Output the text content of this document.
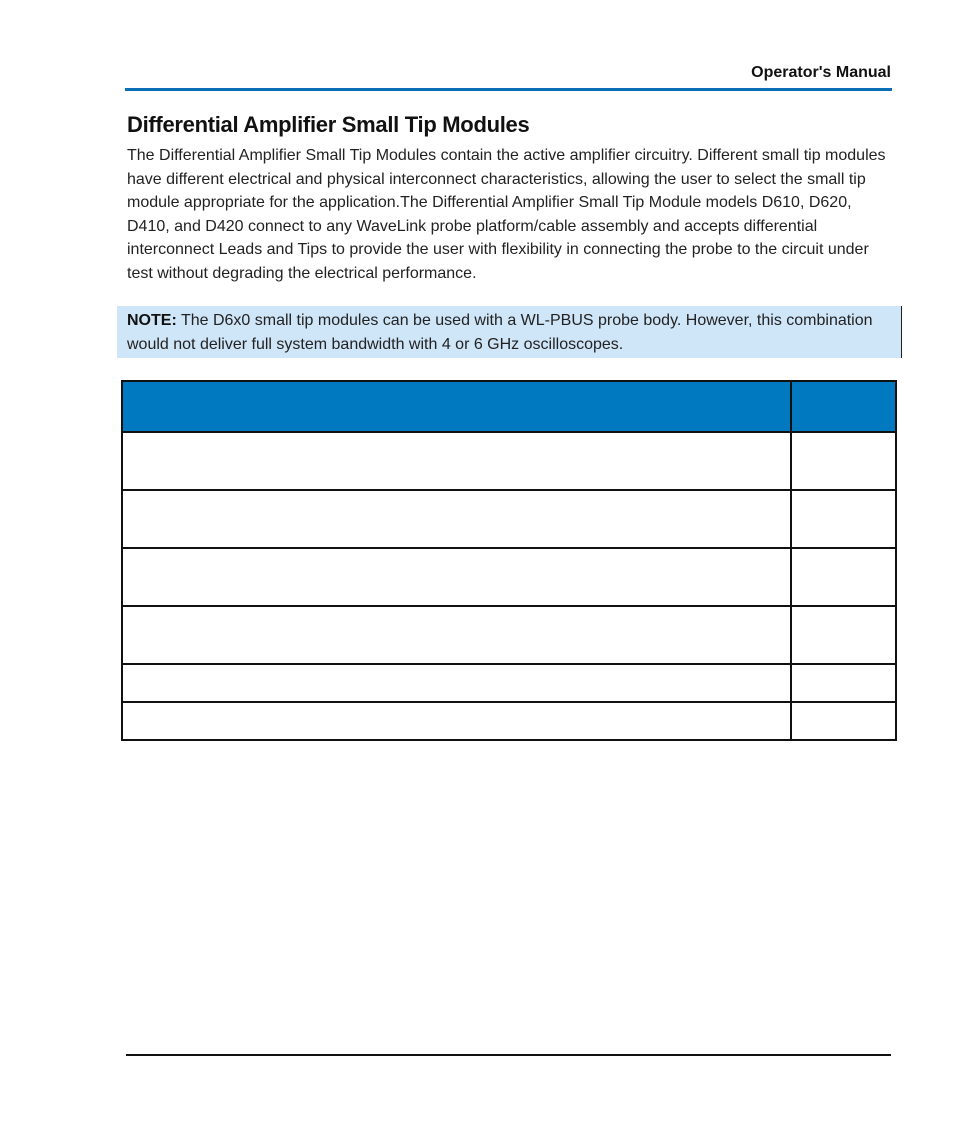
Operator's Manual
Differential Amplifier Small Tip Modules

The Differential Amplifier Small Tip Modules contain the active amplifier circuitry. Different small tip modules have different electrical and physical interconnect characteristics, allowing the user to select the small tip module appropriate for the application.The Differential Amplifier Small Tip Module models D610, D620, D410, and D420 connect to any WaveLink probe platform/cable assembly and accepts differential interconnect Leads and Tips to provide the user with flexibility in connecting the probe to the circuit under test without degrading the electrical performance.

NOTE: The D6x0 small tip modules can be used with a WL-PBUS probe body. However, this combination would not deliver full system bandwidth with 4 or 6 GHz oscilloscopes.
